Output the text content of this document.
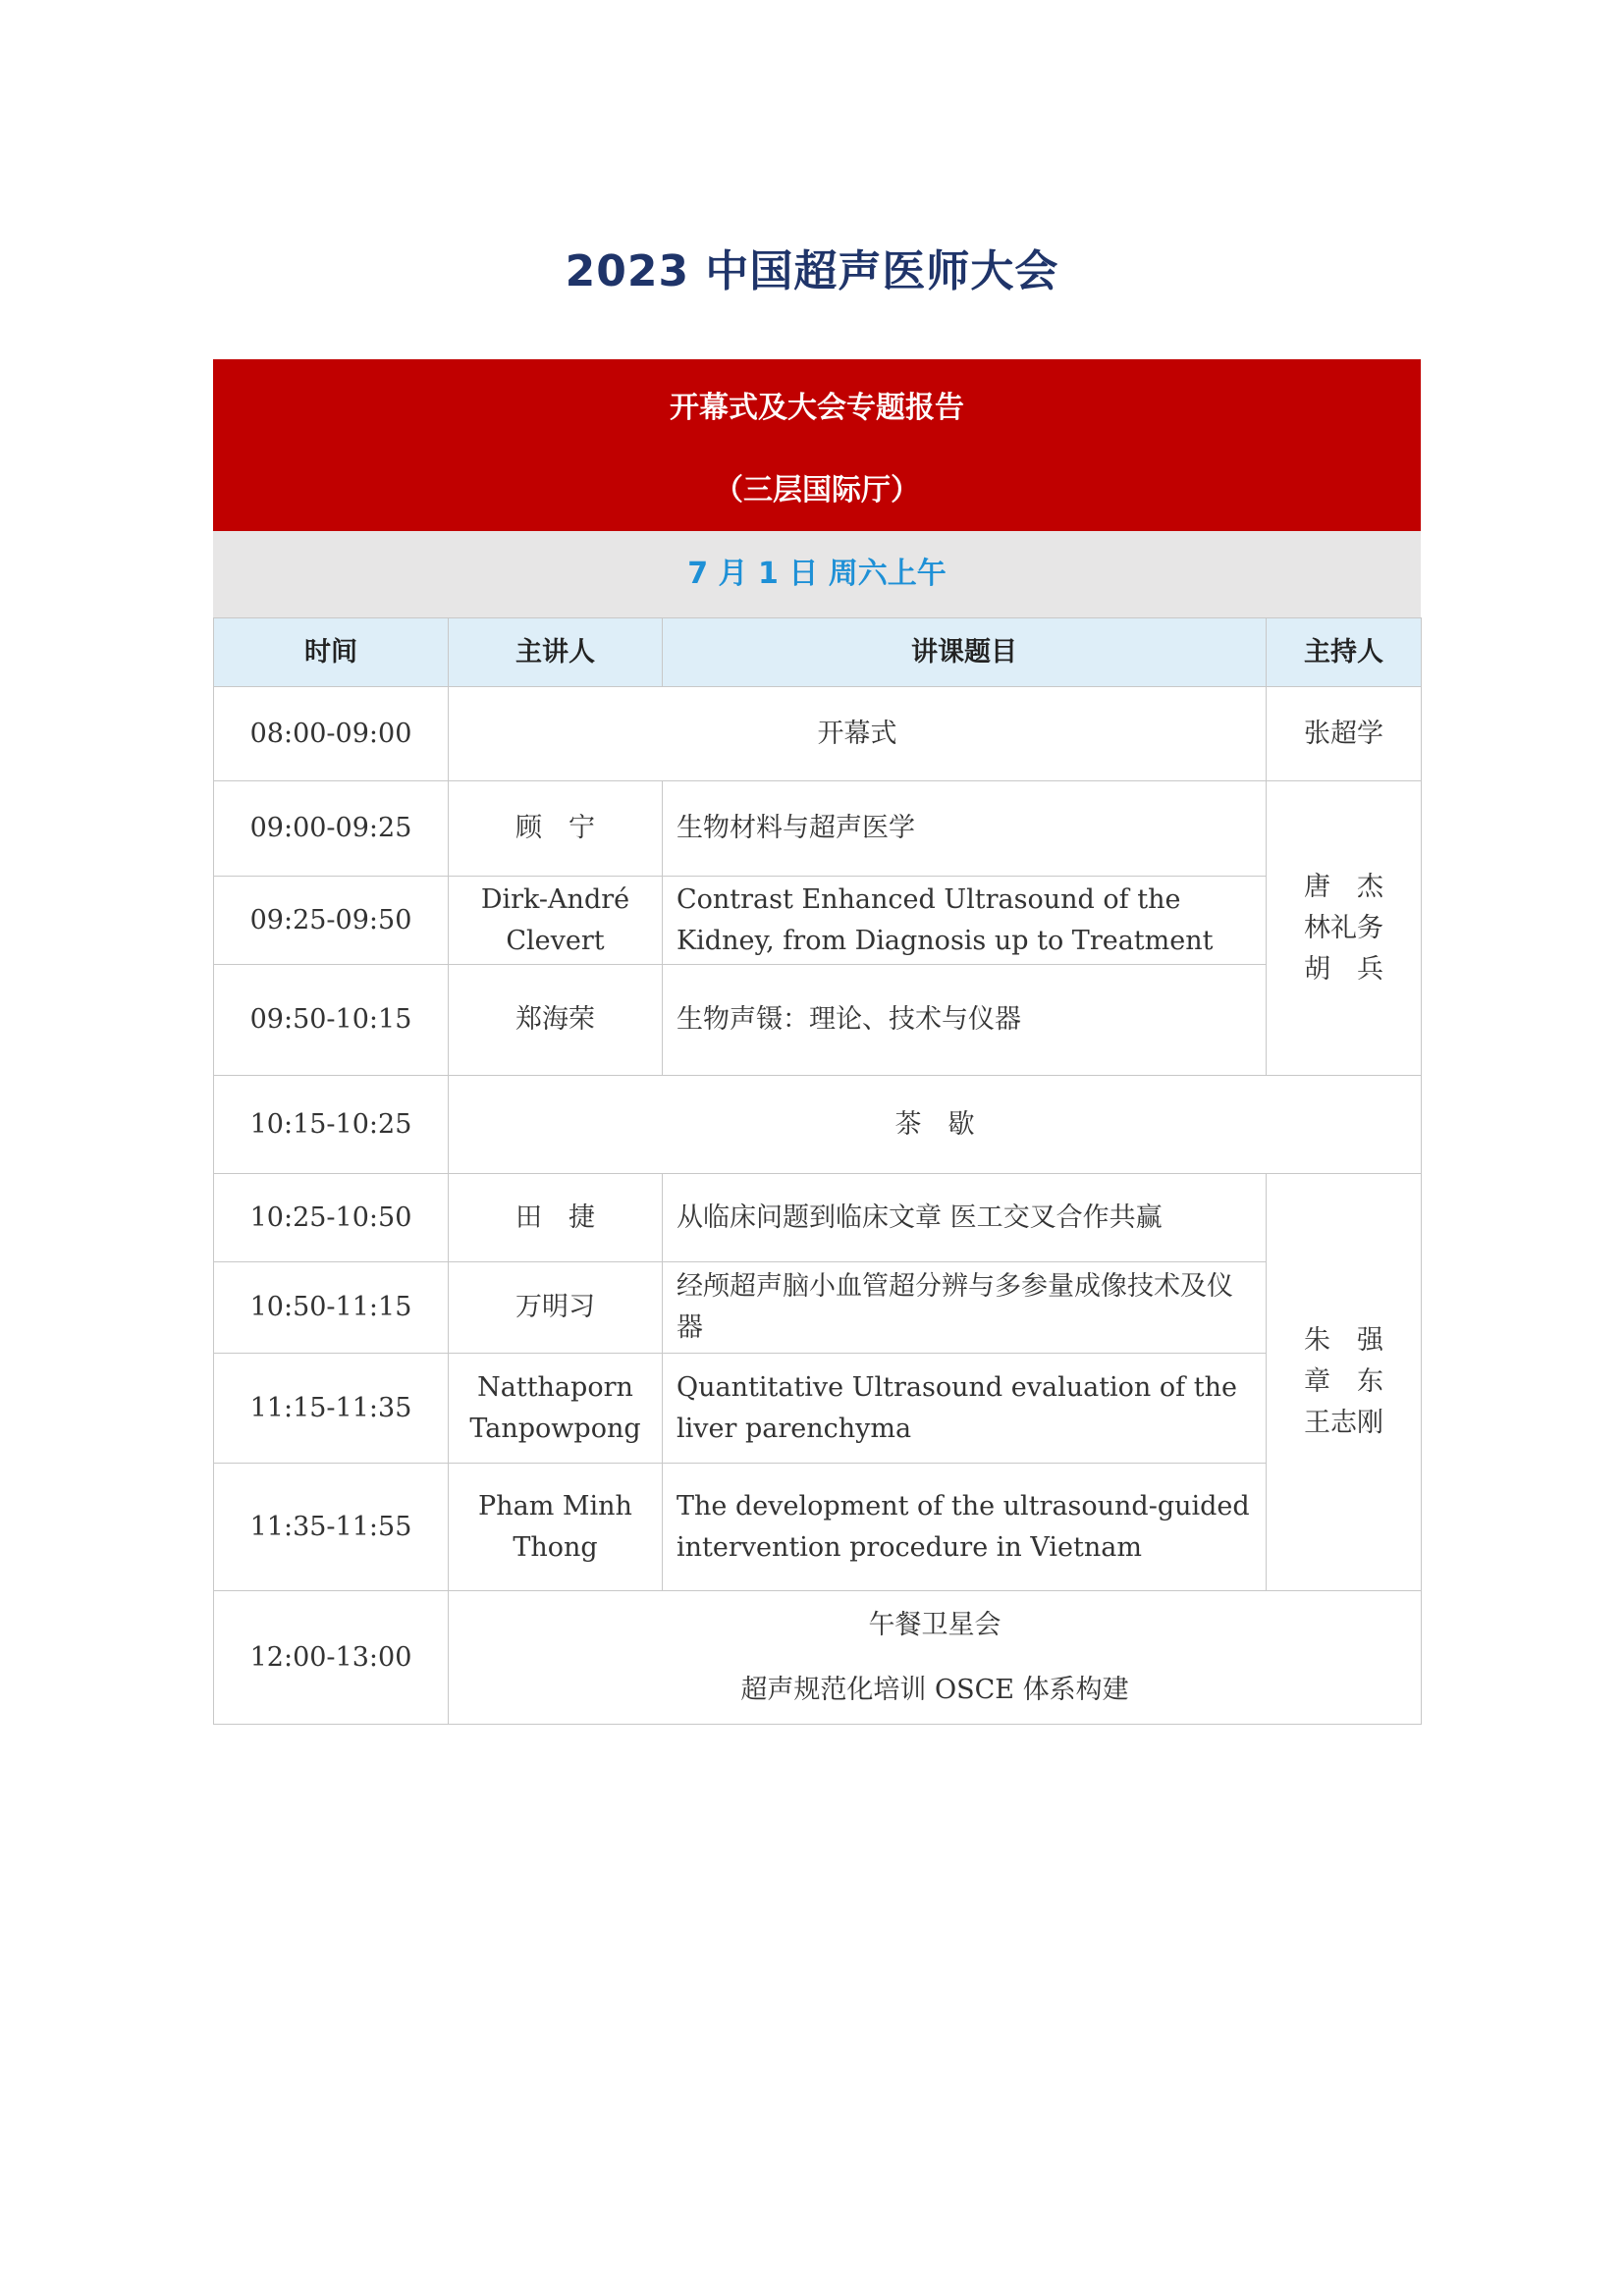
2023 中国超声医师大会
开幕式及大会专题报告
（三层国际厅）
7 月 1 日 周六上午
时间	主讲人	讲课题目	主持人
08:00-09:00	开幕式		张超学
09:00-09:25	顾　宁	生物材料与超声医学	唐　杰
林礼务
胡　兵

09:25-09:50	Dirk-André
Clevert	Contrast Enhanced Ultrasound of the Kidney, from Diagnosis up to Treatment	
09:50-10:15	郑海荣	生物声镊：理论、技术与仪器	
10:15-10:25	茶　歇		
10:25-10:50	田　捷	从临床问题到临床文章 医工交叉合作共赢	朱　强
章　东
王志刚

10:50-11:15	万明习	经颅超声脑小血管超分辨与多参量成像技术及仪器	
11:15-11:35	Natthaporn
Tanpowpong	Quantitative Ultrasound evaluation of the liver parenchyma	
11:35-11:55	Pham Minh
Thong	The development of the ultrasound-guided intervention procedure in Vietnam	
12:00-13:00	午餐卫星会
超声规范化培训 OSCE 体系构建		
